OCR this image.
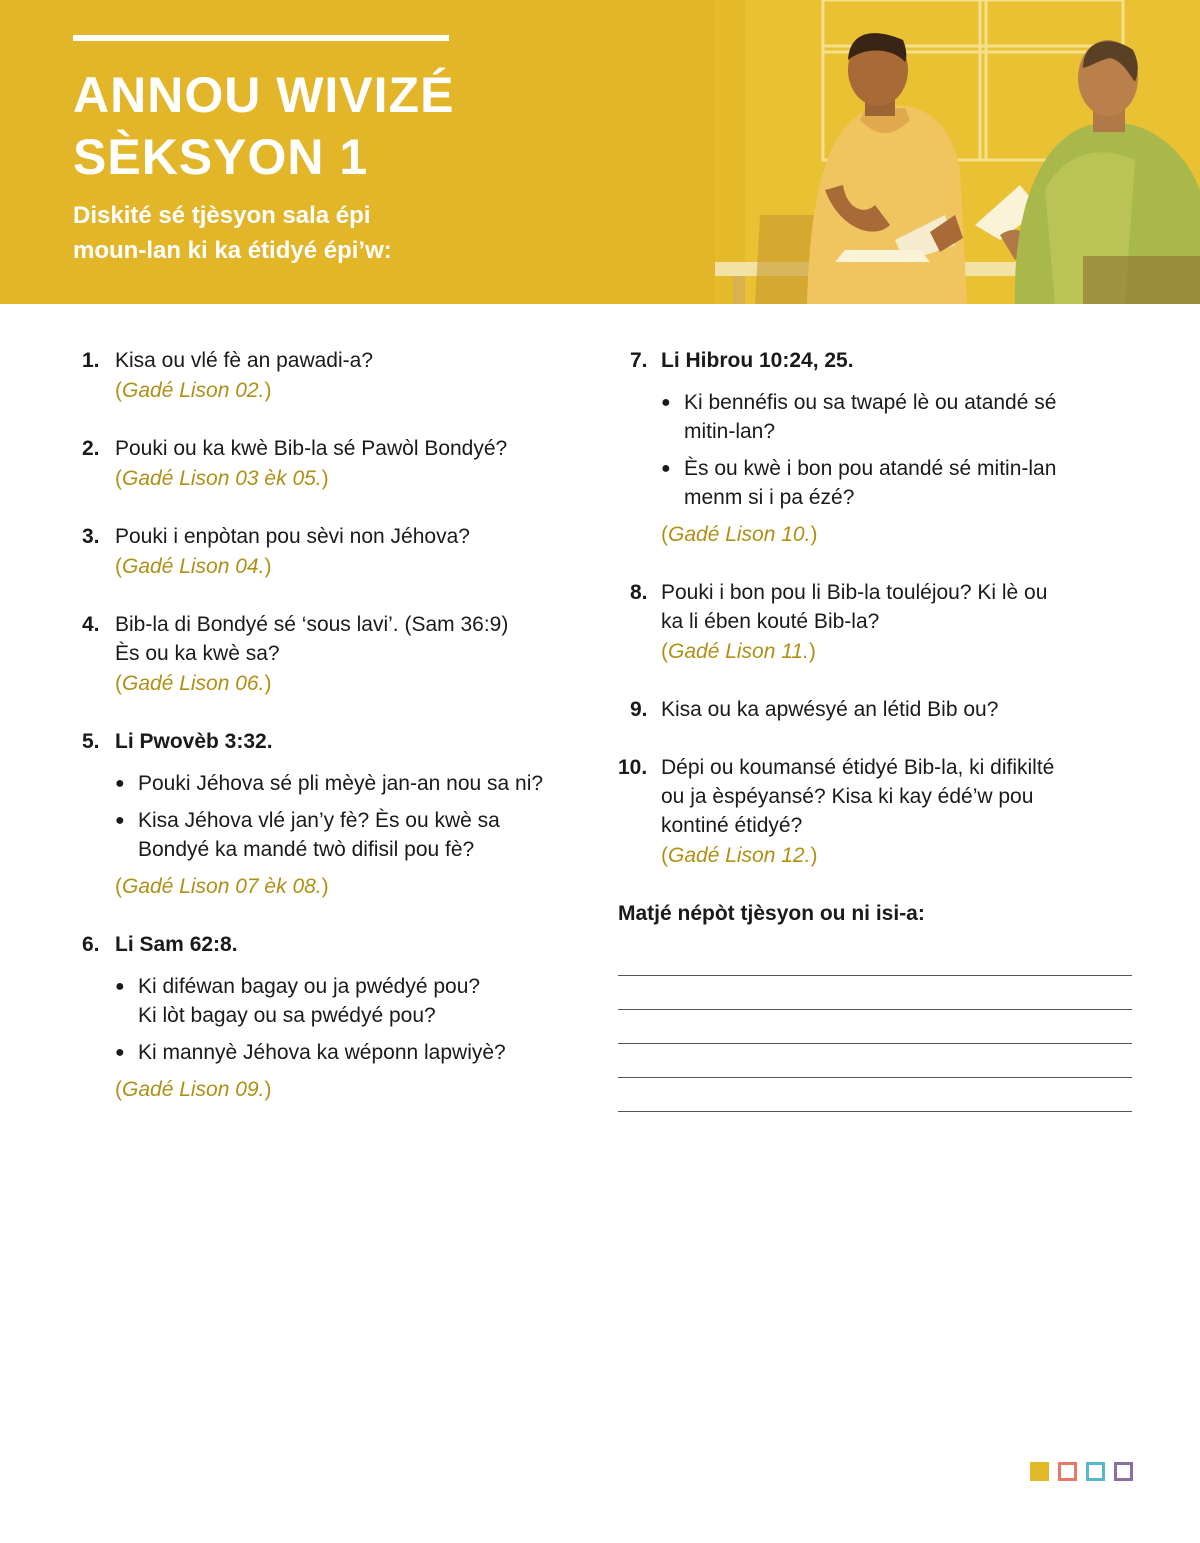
ANNOU WIVIZÉ
SÈKSYON 1
Diskité sé tjèsyon sala épi
moun-lan ki ka étidyé épi’w:
1. Kisa ou vlé fè an pawadi-a?
(Gadé Lison 02.)
2. Pouki ou ka kwè Bib-la sé Pawòl Bondyé?
(Gadé Lison 03 èk 05.)
3. Pouki i enpòtan pou sèvi non Jéhova?
(Gadé Lison 04.)
4. Bib-la di Bondyé sé ‘sous lavi’. (Sam 36:9)
Ès ou ka kwè sa?
(Gadé Lison 06.)
5. Li Pwovèb 3:32.
● Pouki Jéhova sé pli mèyè jan-an nou sa ni?
● Kisa Jéhova vlé jan’y fè? Ès ou kwè sa
Bondyé ka mandé twò difisil pou fè?
(Gadé Lison 07 èk 08.)
6. Li Sam 62:8.
● Ki diféwan bagay ou ja pwédyé pou?
Ki lòt bagay ou sa pwédyé pou?
● Ki mannyè Jéhova ka wéponn lapwiyè?
(Gadé Lison 09.)
7. Li Hibrou 10:24, 25.
● Ki bennéfis ou sa twapé lè ou atandé sé
mitin-lan?
● Ès ou kwè i bon pou atandé sé mitin-lan
menm si i pa ézé?
(Gadé Lison 10.)
8. Pouki i bon pou li Bib-la touléjou? Ki lè ou
ka li ében kouté Bib-la?
(Gadé Lison 11.)
9. Kisa ou ka apwésyé an létid Bib ou?
10. Dépi ou koumansé étidyé Bib-la, ki difikilté
ou ja èspéyansé? Kisa ki kay édé’w pou
kontiné étidyé?
(Gadé Lison 12.)
Matjé népòt tjèsyon ou ni isi-a:
